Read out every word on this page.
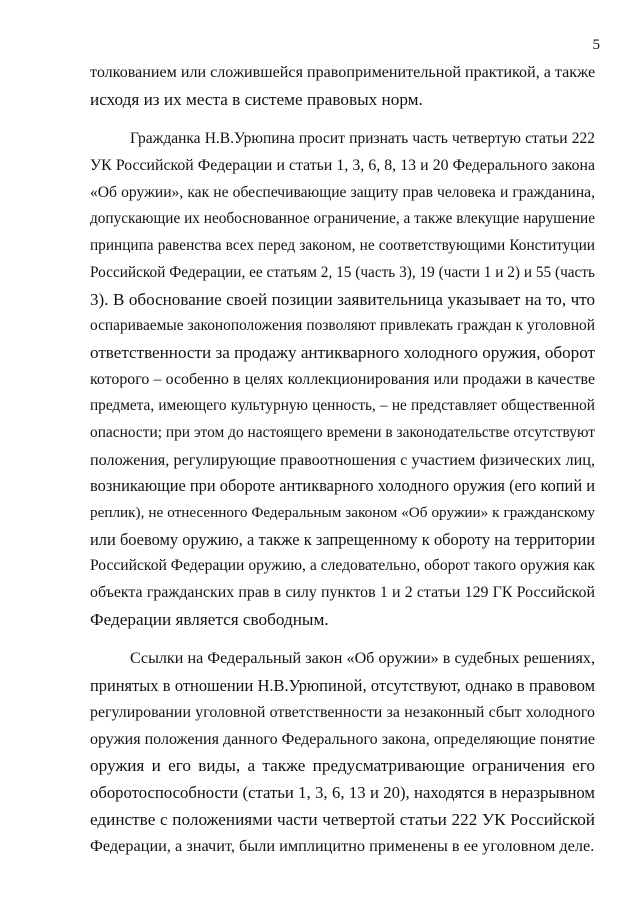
5
толкованием или сложившейся правоприменительной практикой, а также
исходя из их места в системе правовых норм.
Гражданка Н.В.Урюпина просит признать часть четвертую статьи 222
УК Российской Федерации и статьи 1, 3, 6, 8, 13 и 20 Федерального закона
«Об оружии», как не обеспечивающие защиту прав человека и гражданина,
допускающие их необоснованное ограничение, а также влекущие нарушение
принципа равенства всех перед законом, не соответствующими Конституции
Российской Федерации, ее статьям 2, 15 (часть 3), 19 (части 1 и 2) и 55 (часть
3). В обоснование своей позиции заявительница указывает на то, что
оспариваемые законоположения позволяют привлекать граждан к уголовной
ответственности за продажу антикварного холодного оружия, оборот
которого – особенно в целях коллекционирования или продажи в качестве
предмета, имеющего культурную ценность, – не представляет общественной
опасности; при этом до настоящего времени в законодательстве отсутствуют
положения, регулирующие правоотношения с участием физических лиц,
возникающие при обороте антикварного холодного оружия (его копий и
реплик), не отнесенного Федеральным законом «Об оружии» к гражданскому
или боевому оружию, а также к запрещенному к обороту на территории
Российской Федерации оружию, а следовательно, оборот такого оружия как
объекта гражданских прав в силу пунктов 1 и 2 статьи 129 ГК Российской
Федерации является свободным.
Ссылки на Федеральный закон «Об оружии» в судебных решениях,
принятых в отношении Н.В.Урюпиной, отсутствуют, однако в правовом
регулировании уголовной ответственности за незаконный сбыт холодного
оружия положения данного Федерального закона, определяющие понятие
оружия и его виды, а также предусматривающие ограничения его
оборотоспособности (статьи 1, 3, 6, 13 и 20), находятся в неразрывном
единстве с положениями части четвертой статьи 222 УК Российской
Федерации, а значит, были имплицитно применены в ее уголовном деле.
